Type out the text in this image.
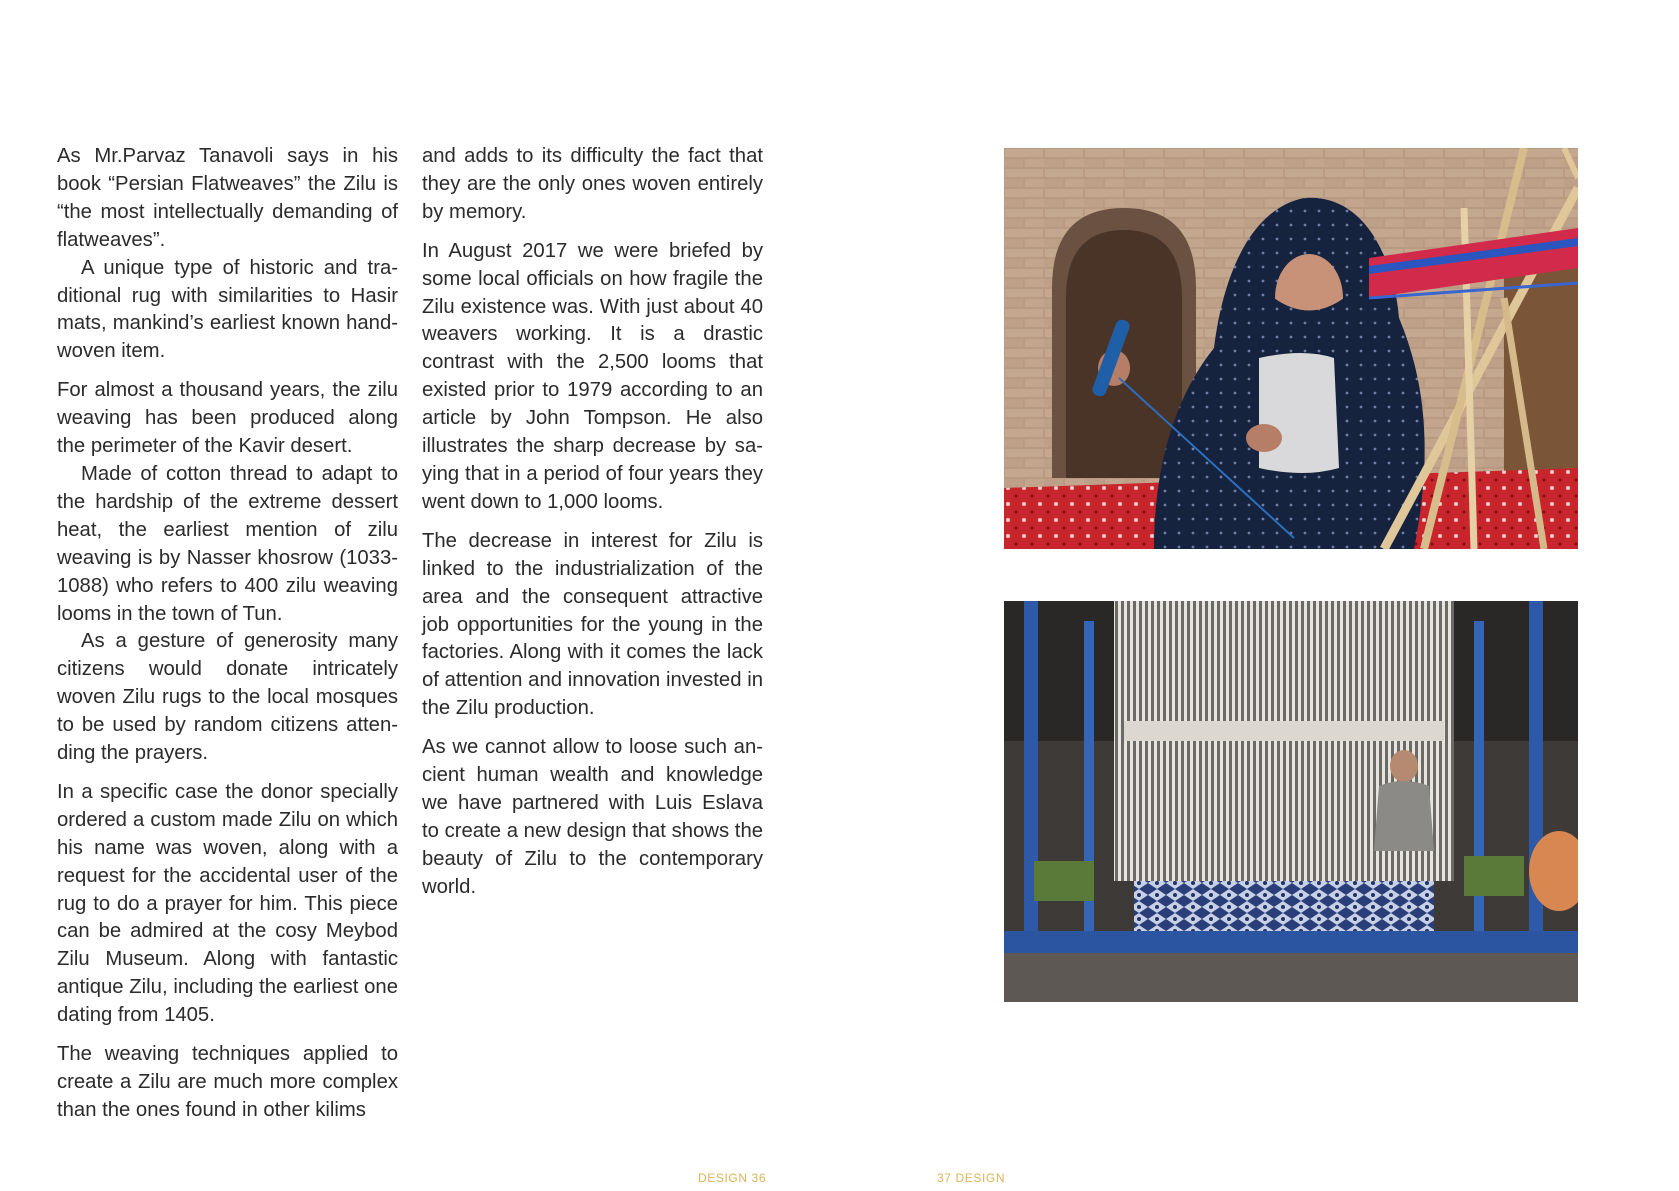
As Mr.Parvaz Tanavoli says in his book “Persian Flatweaves” the Zilu is “the most intellectually demanding of flatweaves”.

A unique type of historic and traditional rug with similarities to Hasir mats, mankind’s earliest known hand-woven item.

For almost a thousand years, the zilu weaving has been produced along the perimeter of the Kavir desert.

Made of cotton thread to adapt to the hardship of the extreme dessert heat, the earliest mention of zilu weaving is by Nasser khosrow (1033- 1088) who refers to 400 zilu weaving looms in the town of Tun.

As a gesture of generosity many citizens would donate intricately woven Zilu rugs to the local mosques to be used by random citizens attending the prayers.

In a specific case the donor specially ordered a custom made Zilu on which his name was woven, along with a request for the accidental user of the rug to do a prayer for him. This piece can be admired at the cosy Meybod Zilu Museum. Along with fantastic antique Zilu, including the earliest one dating from 1405.

The weaving techniques applied to create a Zilu are much more complex than the ones found in other kilims

and adds to its difficulty the fact that they are the only ones woven entirely by memory.

In August 2017 we were briefed by some local officials on how fragile the Zilu existence was. With just about 40 weavers working. It is a drastic contrast with the 2,500 looms that existed prior to 1979 according to an article by John Tompson. He also illustrates the sharp decrease by saying that in a period of four years they went down to 1,000 looms.

The decrease in interest for Zilu is linked to the industrialization of the area and the consequent attractive job opportunities for the young in the factories. Along with it comes the lack of attention and innovation invested in the Zilu production.

As we cannot allow to loose such ancient human wealth and knowledge we have partnered with Luis Eslava to create a new design that shows the beauty of Zilu to the contemporary world.

DESIGN 36	37 DESIGN
